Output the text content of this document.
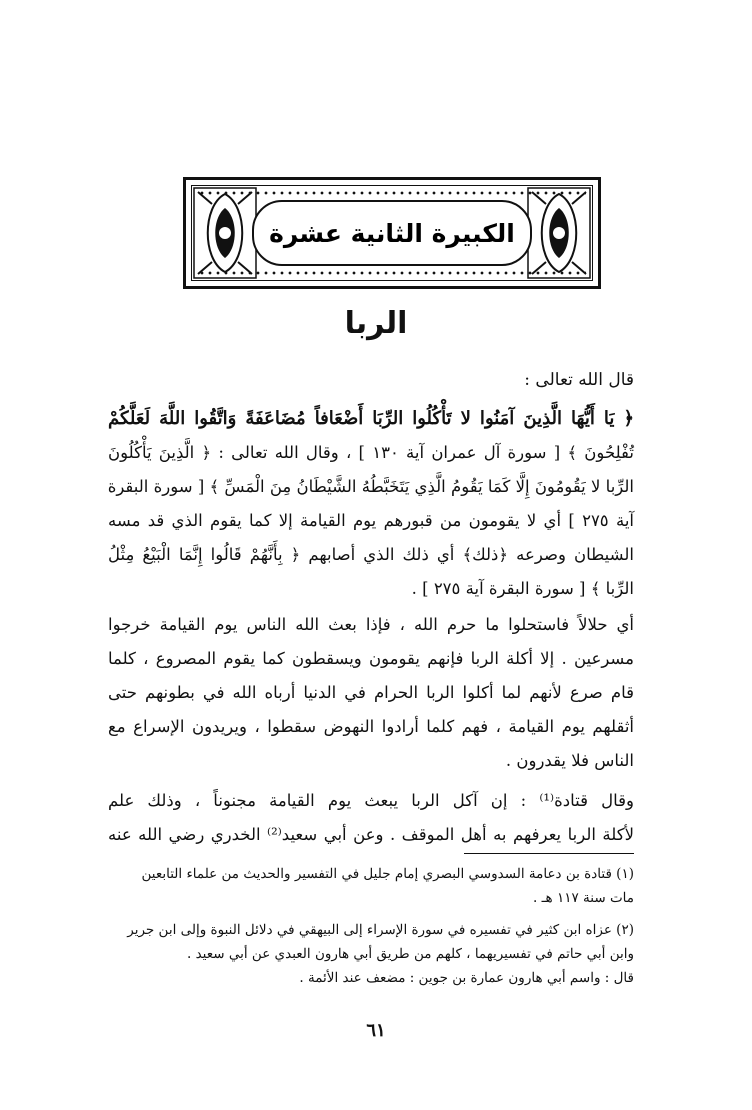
الكبيرة الثانية عشرة
الربا
قال الله تعالى :
﴿ يَا أَيُّهَا الَّذِينَ آمَنُوا لا تَأْكُلُوا الرِّبَا أَضْعَافاً مُضَاعَفَةً وَاتَّقُوا اللَّهَ لَعَلَّكُمْ
تُفْلِحُونَ ﴾ [ سورة آل عمران آية ١٣٠ ] ، وقال الله تعالى : ﴿ الَّذِينَ يَأْكُلُونَ
الرِّبا لا يَقُومُونَ إِلَّا كَمَا يَقُومُ الَّذِي يَتَخَبَّطُهُ الشَّيْطَانُ مِنَ الْمَسِّ ﴾ [ سورة البقرة
آية ٢٧٥ ] أي لا يقومون من قبورهم يوم القيامة إلا كما يقوم الذي قد مسه
الشيطان وصرعه ﴿ذلك﴾ أي ذلك الذي أصابهم ﴿ بِأَنَّهُمْ قَالُوا إِنَّمَا الْبَيْعُ مِثْلُ
الرِّبا ﴾ [ سورة البقرة آية ٢٧٥ ] .
أي حلالاً فاستحلوا ما حرم الله ، فإذا بعث الله الناس يوم القيامة خرجوا
مسرعين . إلا أكلة الربا فإنهم يقومون ويسقطون كما يقوم المصروع ، كلما
قام صرع لأنهم لما أكلوا الربا الحرام في الدنيا أرباه الله في بطونهم حتى
أثقلهم يوم القيامة ، فهم كلما أرادوا النهوض سقطوا ، ويريدون الإسراع مع
الناس فلا يقدرون .
وقال قتادة⁽¹⁾ : إن آكل الربا يبعث يوم القيامة مجنوناً ، وذلك علم
لأكلة الربا يعرفهم به أهل الموقف . وعن أبي سعيد⁽²⁾ الخدري رضي الله عنه
(١) قتادة بن دعامة السدوسي البصري إمام جليل في التفسير والحديث من علماء التابعين
مات سنة ١١٧ هـ .
(٢) عزاه ابن كثير في تفسيره في سورة الإسراء إلى البيهقي في دلائل النبوة وإلى ابن جرير
وابن أبي حاتم في تفسيريهما ، كلهم من طريق أبي هارون العبدي عن أبي سعيد .
قال : واسم أبي هارون عمارة بن جوين : مضعف عند الأئمة .
٦١
